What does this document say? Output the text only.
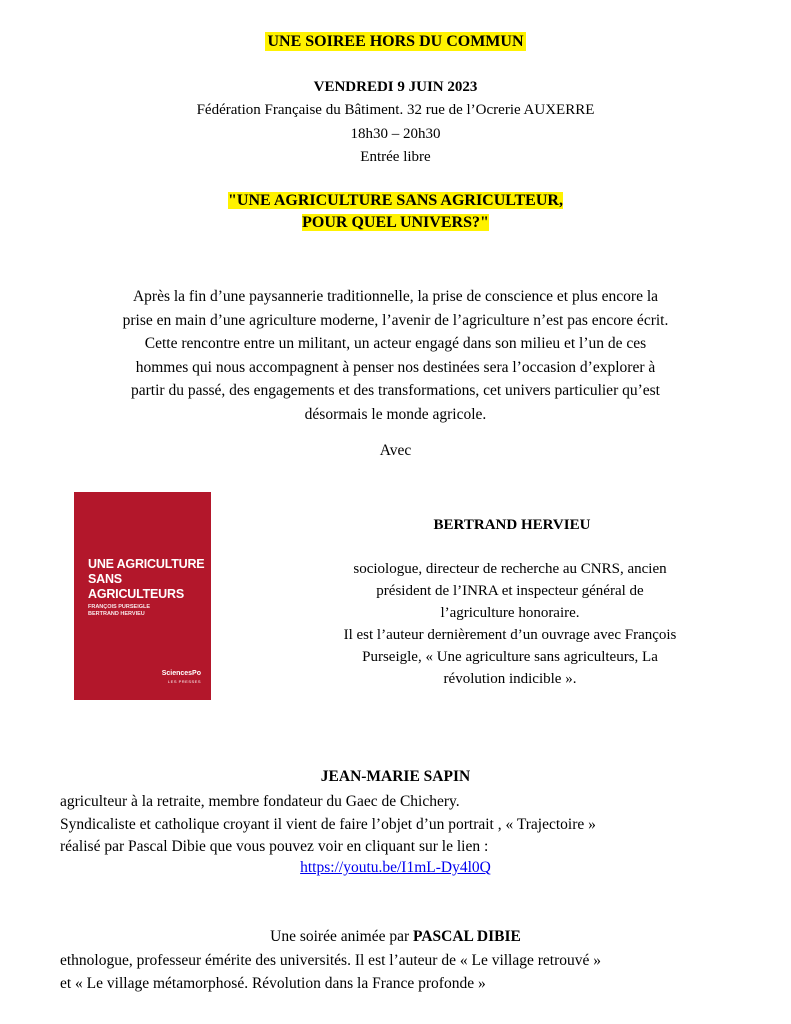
UNE SOIREE HORS DU COMMUN
VENDREDI 9 JUIN 2023
Fédération Française du Bâtiment. 32 rue de l’Ocrerie AUXERRE
18h30 – 20h30
Entrée libre
"UNE AGRICULTURE SANS AGRICULTEUR,
POUR QUEL UNIVERS?"
Après la fin d’une paysannerie traditionnelle, la prise de conscience et plus encore la
prise en main d’une agriculture moderne, l’avenir de l’agriculture n’est pas encore écrit.
Cette rencontre entre un militant, un acteur engagé dans son milieu et l’un de ces
hommes qui nous accompagnent à penser nos destinées sera l’occasion d’explorer à
partir du passé, des engagements et des transformations, cet univers particulier qu’est
désormais le monde agricole.
Avec
UNE AGRICULTURE
SANS AGRICULTEURS
FRANÇOIS PURSEIGLE
BERTRAND HERVIEU
SciencesPo
LES PRESSES
BERTRAND HERVIEU
sociologue, directeur de recherche au CNRS, ancien
président de l’INRA et inspecteur général de
l’agriculture honoraire.
Il est l’auteur dernièrement d’un ouvrage avec François
Purseigle, « Une agriculture sans agriculteurs, La
révolution indicible ».
JEAN-MARIE SAPIN
agriculteur à la retraite, membre fondateur du Gaec de Chichery.
Syndicaliste et catholique croyant il vient de faire l’objet d’un portrait , « Trajectoire »
réalisé par Pascal Dibie que vous pouvez voir en cliquant sur le lien :
https://youtu.be/I1mL-Dy4l0Q
Une soirée animée par PASCAL DIBIE
ethnologue, professeur émérite des universités. Il est l’auteur de « Le village retrouvé »
et « Le village métamorphosé. Révolution dans la France profonde »
